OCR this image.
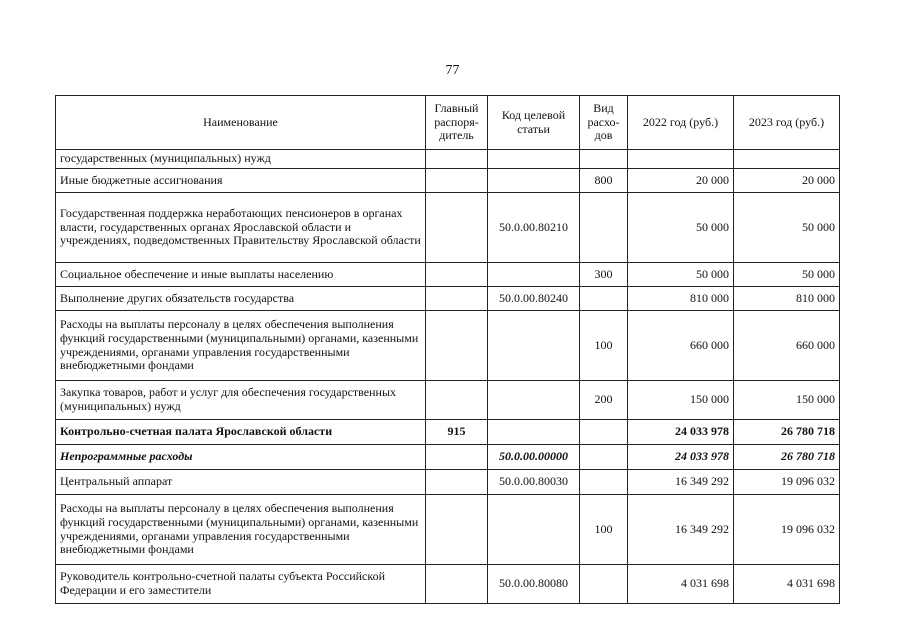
77
Наименование	Главный распоря-дитель	Код целевой статьи	Вид расхо-дов	2022 год (руб.)	2023 год (руб.)
государственных (муниципальных) нужд					
Иные бюджетные ассигнования			800	20 000	20 000
Государственная поддержка неработающих пенсионеров в органах власти, государственных органах Ярославской области и учреждениях, подведомственных Правительству Ярославской области		50.0.00.80210		50 000	50 000
Социальное обеспечение и иные выплаты населению			300	50 000	50 000
Выполнение других обязательств государства		50.0.00.80240		810 000	810 000
Расходы на выплаты персоналу в целях обеспечения выполнения функций государственными (муниципальными) органами, казенными учреждениями, органами управления государственными внебюджетными фондами			100	660 000	660 000
Закупка товаров, работ и услуг для обеспечения государственных (муниципальных) нужд			200	150 000	150 000
Контрольно-счетная палата Ярославской области	915			24 033 978	26 780 718
Непрограммные расходы		50.0.00.00000		24 033 978	26 780 718
Центральный аппарат		50.0.00.80030		16 349 292	19 096 032
Расходы на выплаты персоналу в целях обеспечения выполнения функций государственными (муниципальными) органами, казенными учреждениями, органами управления государственными внебюджетными фондами			100	16 349 292	19 096 032
Руководитель контрольно-счетной палаты субъекта Российской Федерации и его заместители		50.0.00.80080		4 031 698	4 031 698
